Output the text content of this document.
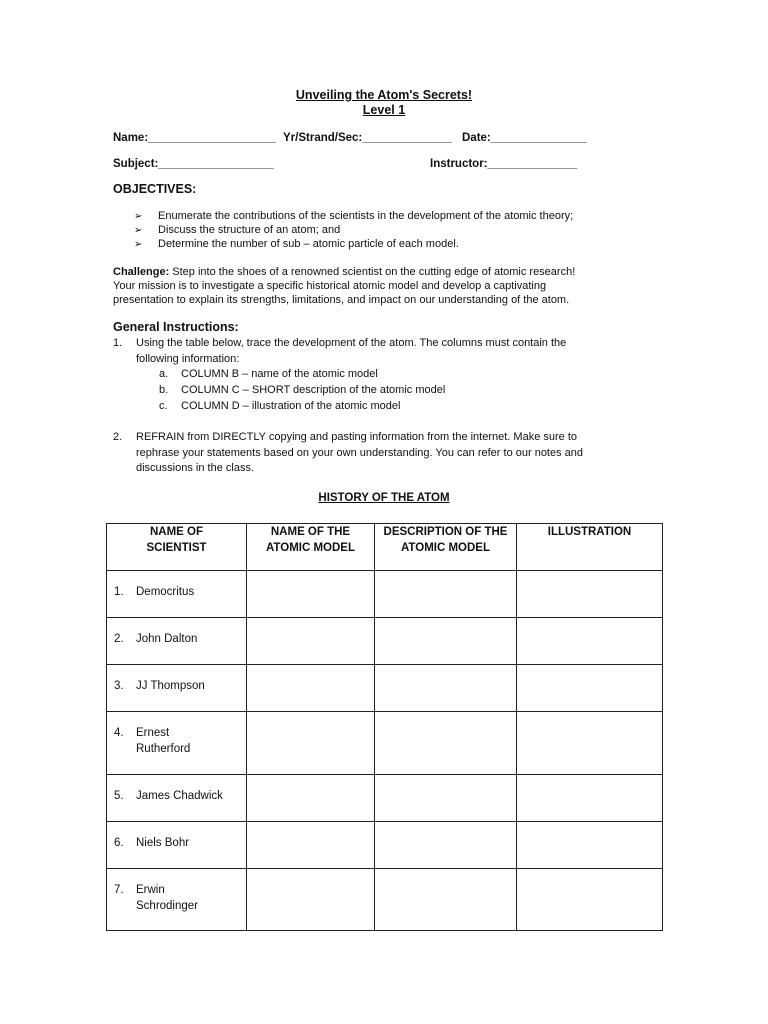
Unveiling the Atom's Secrets!
Level 1
Name:____________________ Yr/Strand/Sec:______________ Date:_______________
Subject:__________________	Instructor:______________
OBJECTIVES:
➢ Enumerate the contributions of the scientists in the development of the atomic theory;
➢ Discuss the structure of an atom; and
➢ Determine the number of sub – atomic particle of each model.
Challenge: Step into the shoes of a renowned scientist on the cutting edge of atomic research!
Your mission is to investigate a specific historical atomic model and develop a captivating
presentation to explain its strengths, limitations, and impact on our understanding of the atom.
General Instructions:
1. Using the table below, trace the development of the atom. The columns must contain the
following information:
a. COLUMN B – name of the atomic model
b. COLUMN C – SHORT description of the atomic model
c. COLUMN D – illustration of the atomic model
2. REFRAIN from DIRECTLY copying and pasting information from the internet. Make sure to
rephrase your statements based on your own understanding. You can refer to our notes and
discussions in the class.
HISTORY OF THE ATOM
NAME OF SCIENTIST	NAME OF THE ATOMIC MODEL	DESCRIPTION OF THE ATOMIC MODEL	ILLUSTRATION

1. Democritus			

2. John Dalton			

3. JJ Thompson			

4. Ernest Rutherford			

5. James Chadwick			

6. Niels Bohr			

7. Erwin Schrodinger			
